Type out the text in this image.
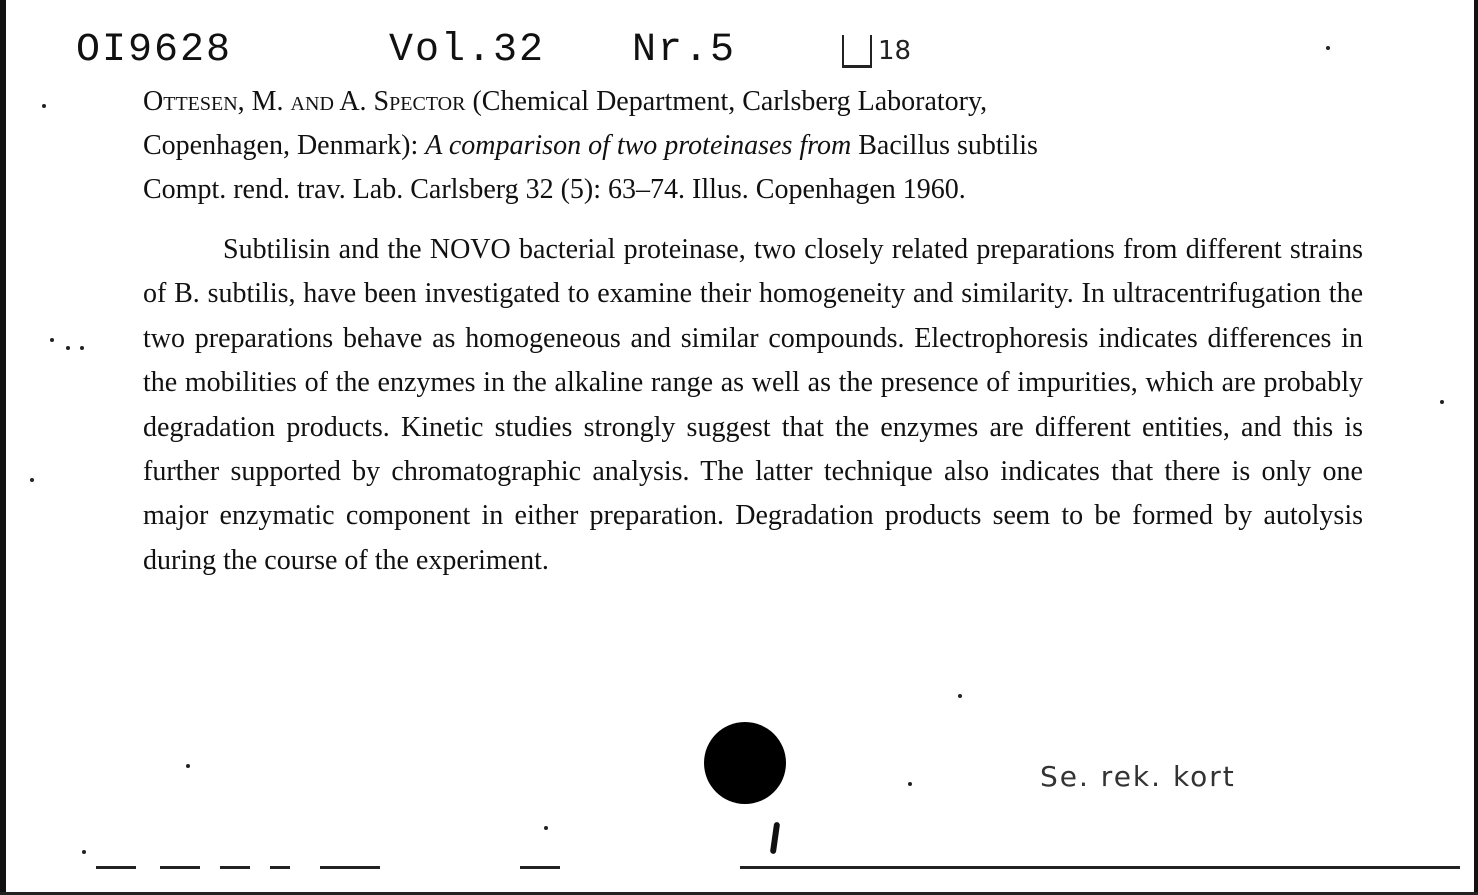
OI9628	Vol.32 Nr.5	18
Ottesen, M. and A. Spector (Chemical Department, Carlsberg Laboratory,
Copenhagen, Denmark): A comparison of two proteinases from Bacillus subtilis
Compt. rend. trav. Lab. Carlsberg 32 (5): 63–74. Illus. Copenhagen 1960.

Subtilisin and the NOVO bacterial proteinase, two closely related preparations from different strains of B. subtilis, have been investigated to examine their homogeneity and similarity. In ultracentrifugation the two preparations behave as homogeneous and similar compounds. Electrophoresis indicates differences in the mobilities of the enzymes in the alkaline range as well as the presence of impurities, which are probably degradation products. Kinetic studies strongly suggest that the enzymes are different entities, and this is further supported by chromatographic analysis. The latter technique also indicates that there is only one major enzymatic component in either preparation. Degradation products seem to be formed by autolysis during the course of the experiment.

Se. rek. kort
